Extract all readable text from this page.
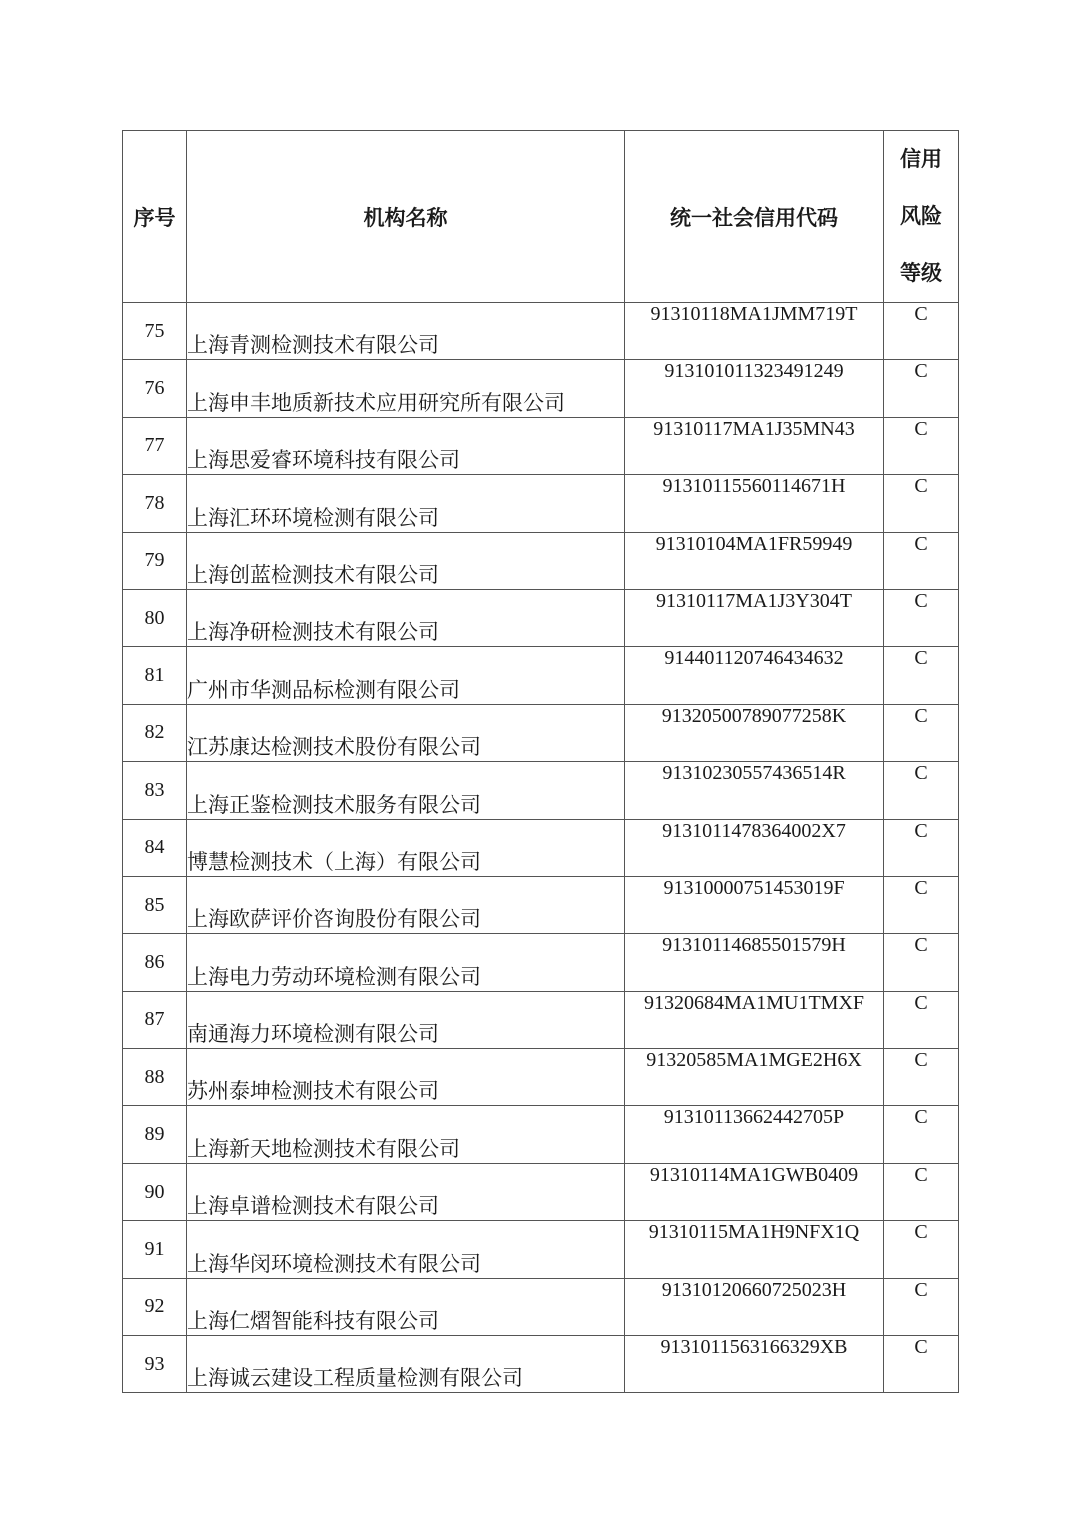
序号	机构名称	统一社会信用代码	信用
风险
等级

75	上海青测检测技术有限公司	91310118MA1JMM719T	C
76	上海申丰地质新技术应用研究所有限公司	913101011323491249	C
77	上海思爱睿环境科技有限公司	91310117MA1J35MN43	C
78	上海汇环环境检测有限公司	91310115560114671H	C
79	上海创蓝检测技术有限公司	91310104MA1FR59949	C
80	上海净研检测技术有限公司	91310117MA1J3Y304T	C
81	广州市华测品标检测有限公司	914401120746434632	C
82	江苏康达检测技术股份有限公司	91320500789077258K	C
83	上海正鉴检测技术服务有限公司	91310230557436514R	C
84	博慧检测技术（上海）有限公司	9131011478364002X7	C
85	上海欧萨评价咨询股份有限公司	91310000751453019F	C
86	上海电力劳动环境检测有限公司	91310114685501579H	C
87	南通海力环境检测有限公司	91320684MA1MU1TMXF	C
88	苏州泰坤检测技术有限公司	91320585MA1MGE2H6X	C
89	上海新天地检测技术有限公司	91310113662442705P	C
90	上海卓谱检测技术有限公司	91310114MA1GWB0409	C
91	上海华闵环境检测技术有限公司	91310115MA1H9NFX1Q	C
92	上海仁熠智能科技有限公司	91310120660725023H	C
93	上海诚云建设工程质量检测有限公司	9131011563166329XB	C
